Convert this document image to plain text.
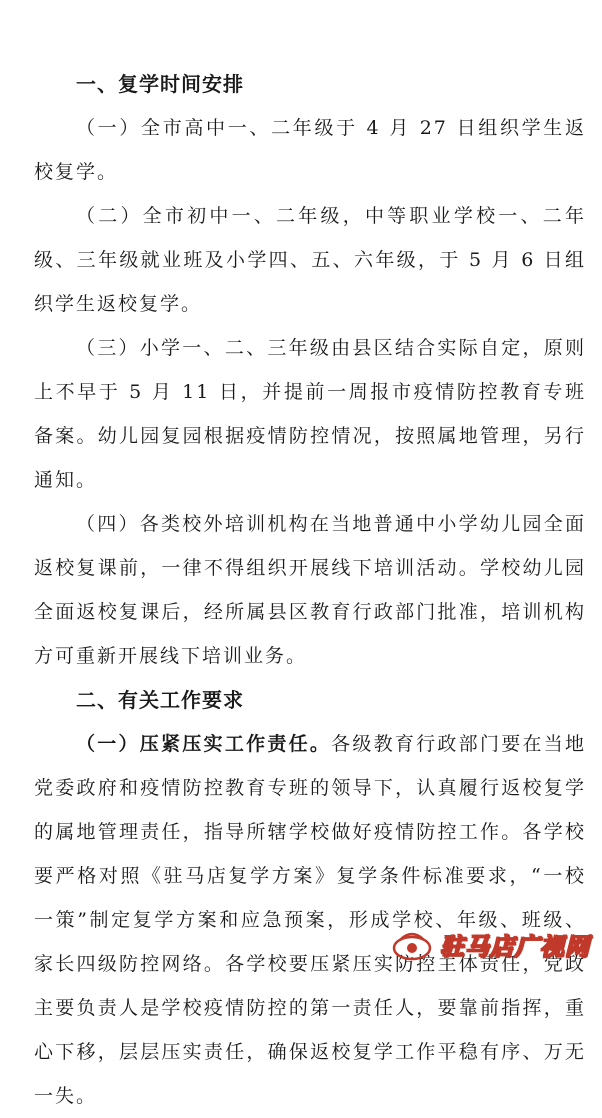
一、复学时间安排

（一）全市高中一、二年级于 4 月 27 日组织学生返校复学。

（二）全市初中一、二年级，中等职业学校一、二年级、三年级就业班及小学四、五、六年级，于 5 月 6 日组织学生返校复学。

（三）小学一、二、三年级由县区结合实际自定，原则上不早于 5 月 11 日，并提前一周报市疫情防控教育专班备案。幼儿园复园根据疫情防控情况，按照属地管理，另行通知。

（四）各类校外培训机构在当地普通中小学幼儿园全面返校复课前，一律不得组织开展线下培训活动。学校幼儿园全面返校复课后，经所属县区教育行政部门批准，培训机构方可重新开展线下培训业务。

二、有关工作要求

（一）压紧压实工作责任。各级教育行政部门要在当地党委政府和疫情防控教育专班的领导下，认真履行返校复学的属地管理责任，指导所辖学校做好疫情防控工作。各学校要严格对照《驻马店复学方案》复学条件标准要求，“一校一策”制定复学方案和应急预案，形成学校、年级、班级、家长四级防控网络。各学校要压紧压实防控主体责任，党政主要负责人是学校疫情防控的第一责任人，要靠前指挥，重心下移，层层压实责任，确保返校复学工作平稳有序、万无一失。

驻马店广视网
